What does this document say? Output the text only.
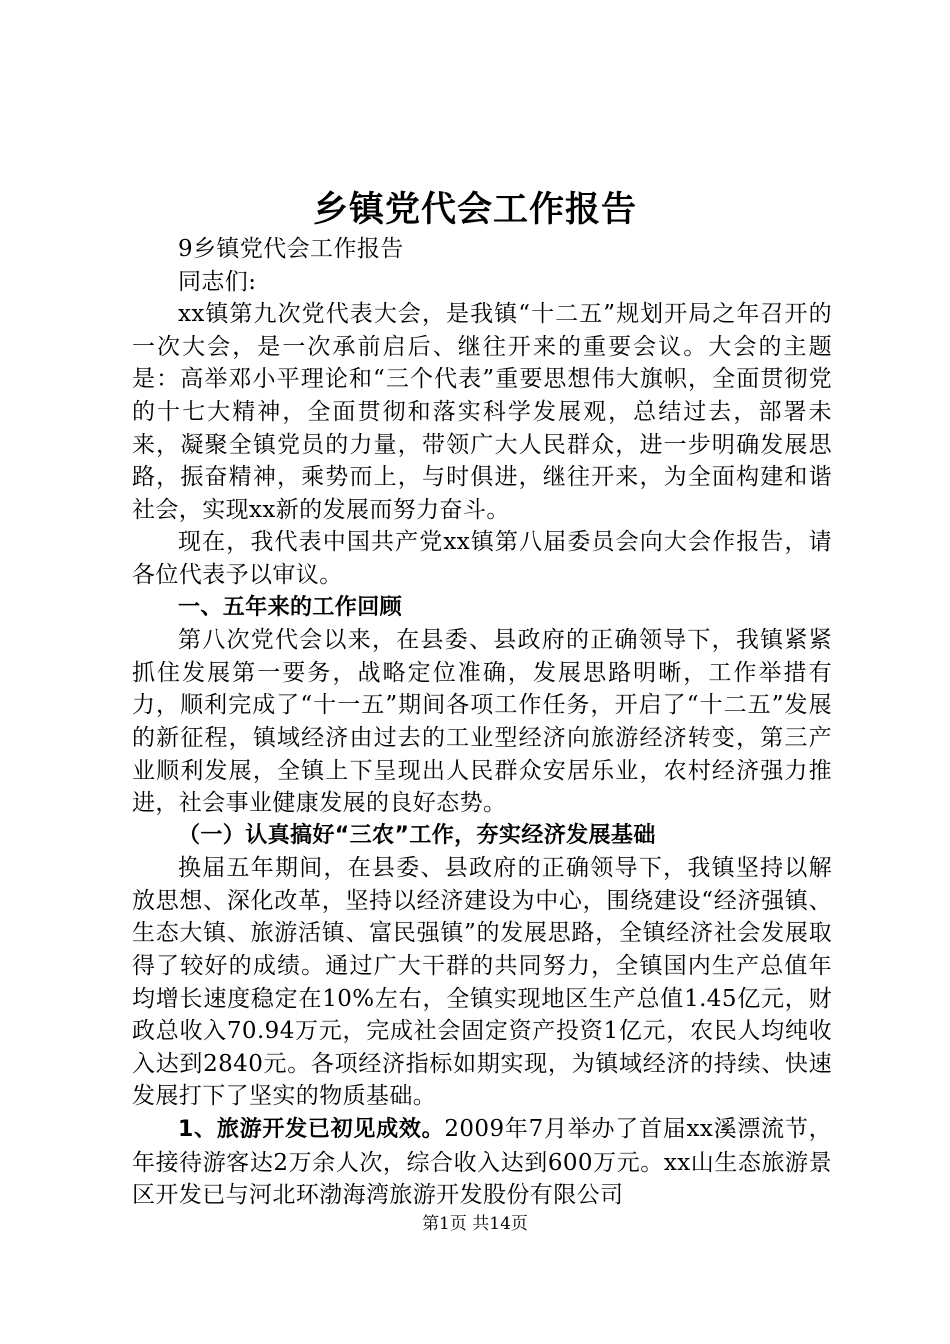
乡镇党代会工作报告

9乡镇党代会工作报告

同志们:

xx镇第九次党代表大会，是我镇“十二五”规划开局之年召开的一次大会，是一次承前启后、继往开来的重要会议。大会的主题是：高举邓小平理论和“三个代表”重要思想伟大旗帜，全面贯彻党的十七大精神，全面贯彻和落实科学发展观，总结过去，部署未来，凝聚全镇党员的力量，带领广大人民群众，进一步明确发展思路，振奋精神，乘势而上，与时俱进，继往开来，为全面构建和谐社会，实现xx新的发展而努力奋斗。

现在，我代表中国共产党xx镇第八届委员会向大会作报告，请各位代表予以审议。

一、五年来的工作回顾

第八次党代会以来，在县委、县政府的正确领导下，我镇紧紧抓住发展第一要务，战略定位准确，发展思路明晰，工作举措有力，顺利完成了“十一五”期间各项工作任务，开启了“十二五”发展的新征程，镇域经济由过去的工业型经济向旅游经济转变，第三产业顺利发展，全镇上下呈现出人民群众安居乐业，农村经济强力推进，社会事业健康发展的良好态势。

（一）认真搞好“三农”工作，夯实经济发展基础

换届五年期间，在县委、县政府的正确领导下，我镇坚持以解放思想、深化改革，坚持以经济建设为中心，围绕建设“经济强镇、生态大镇、旅游活镇、富民强镇”的发展思路，全镇经济社会发展取得了较好的成绩。通过广大干群的共同努力，全镇国内生产总值年均增长速度稳定在10%左右，全镇实现地区生产总值1.45亿元，财政总收入70.94万元，完成社会固定资产投资1亿元，农民人均纯收入达到2840元。各项经济指标如期实现，为镇域经济的持续、快速发展打下了坚实的物质基础。

1、旅游开发已初见成效。2009年7月举办了首届xx溪漂流节，年接待游客达2万余人次，综合收入达到600万元。xx山生态旅游景区开发已与河北环渤海湾旅游开发股份有限公司

第1页 共14页
